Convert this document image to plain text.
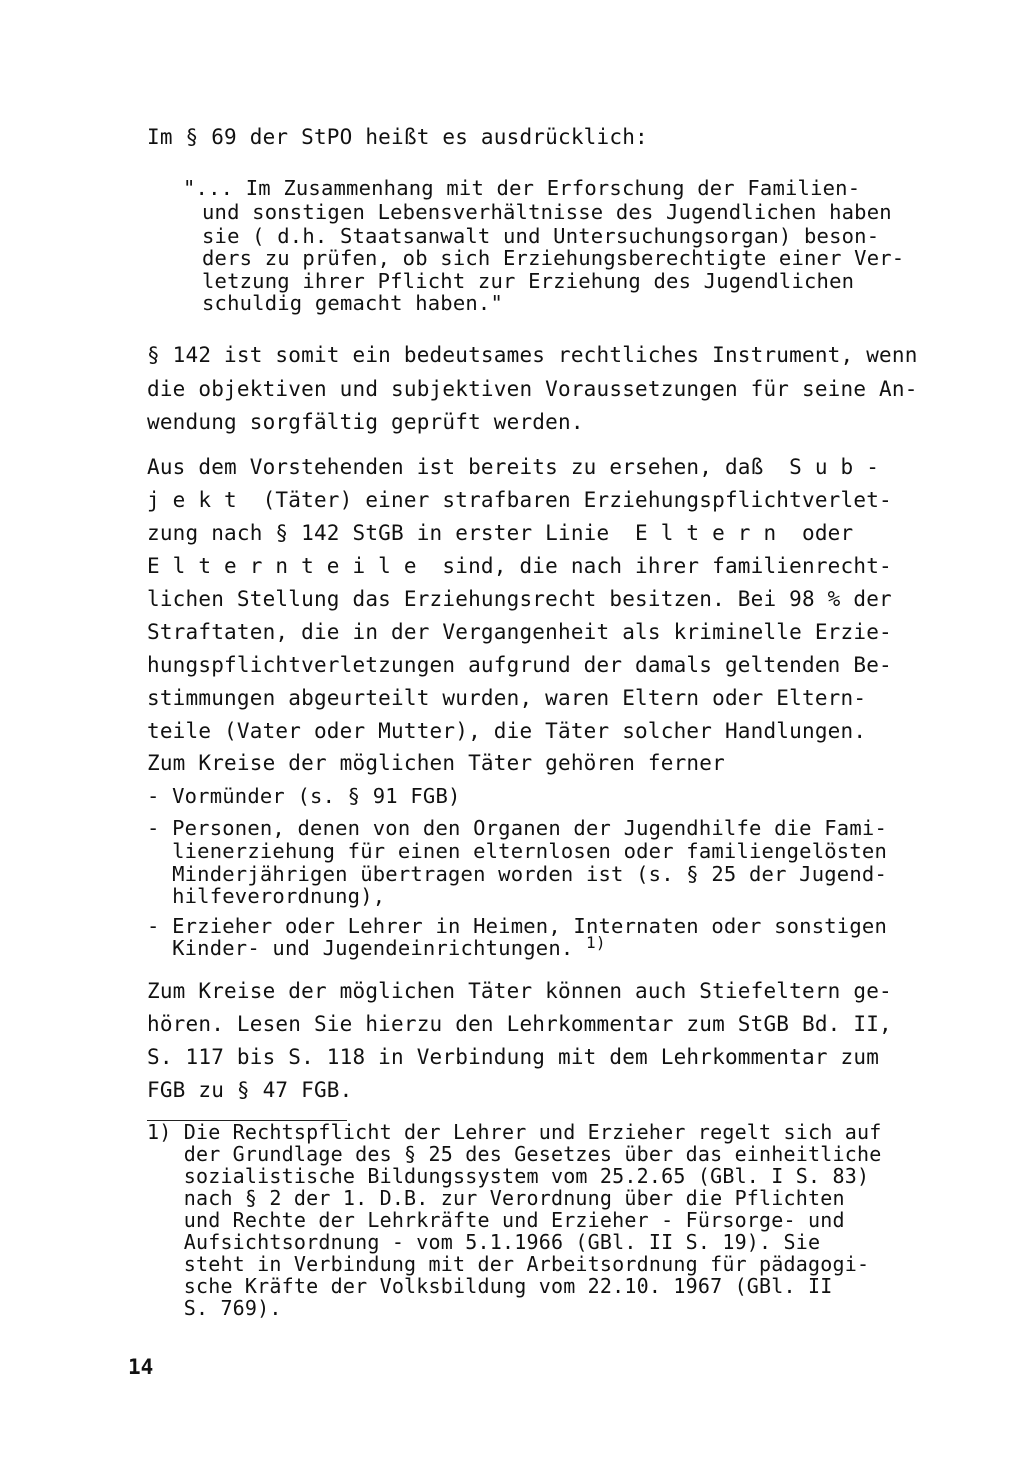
Im § 69 der StPO heißt es ausdrücklich:
"... Im Zusammenhang mit der Erforschung der Familien-
und sonstigen Lebensverhältnisse des Jugendlichen haben
sie ( d.h. Staatsanwalt und Untersuchungsorgan) beson-
ders zu prüfen, ob sich Erziehungsberechtigte einer Ver-
letzung ihrer Pflicht zur Erziehung des Jugendlichen
schuldig gemacht haben."
§ 142 ist somit ein bedeutsames rechtliches Instrument, wenn
die objektiven und subjektiven Voraussetzungen für seine An-
wendung sorgfältig geprüft werden.
Aus dem Vorstehenden ist bereits zu ersehen, daß  S u b -
j e k t  (Täter) einer strafbaren Erziehungspflichtverlet-
zung nach § 142 StGB in erster Linie  E l t e r n  oder
E l t e r n t e i l e  sind, die nach ihrer familienrecht-
lichen Stellung das Erziehungsrecht besitzen. Bei 98 % der
Straftaten, die in der Vergangenheit als kriminelle Erzie-
hungspflichtverletzungen aufgrund der damals geltenden Be-
stimmungen abgeurteilt wurden, waren Eltern oder Eltern-
teile (Vater oder Mutter), die Täter solcher Handlungen.
Zum Kreise der möglichen Täter gehören ferner
- Vormünder (s. § 91 FGB)
- Personen, denen von den Organen der Jugendhilfe die Fami-
lienerziehung für einen elternlosen oder familiengelösten
Minderjährigen übertragen worden ist (s. § 25 der Jugend-
hilfeverordnung),
- Erzieher oder Lehrer in Heimen, Internaten oder sonstigen
Kinder- und Jugendeinrichtungen. $^{1)}$
Zum Kreise der möglichen Täter können auch Stiefeltern ge-
hören. Lesen Sie hierzu den Lehrkommentar zum StGB Bd. II,
S. 117 bis S. 118 in Verbindung mit dem Lehrkommentar zum
FGB zu § 47 FGB.
1) Die Rechtspflicht der Lehrer und Erzieher regelt sich auf
der Grundlage des § 25 des Gesetzes über das einheitliche
sozialistische Bildungssystem vom 25.2.65 (GBl. I S. 83)
nach § 2 der 1. D.B. zur Verordnung über die Pflichten
und Rechte der Lehrkräfte und Erzieher - Fürsorge- und
Aufsichtsordnung - vom 5.1.1966 (GBl. II S. 19). Sie
steht in Verbindung mit der Arbeitsordnung für pädagogi-
sche Kräfte der Volksbildung vom 22.10. 1967 (GBl. II
S. 769).
14
